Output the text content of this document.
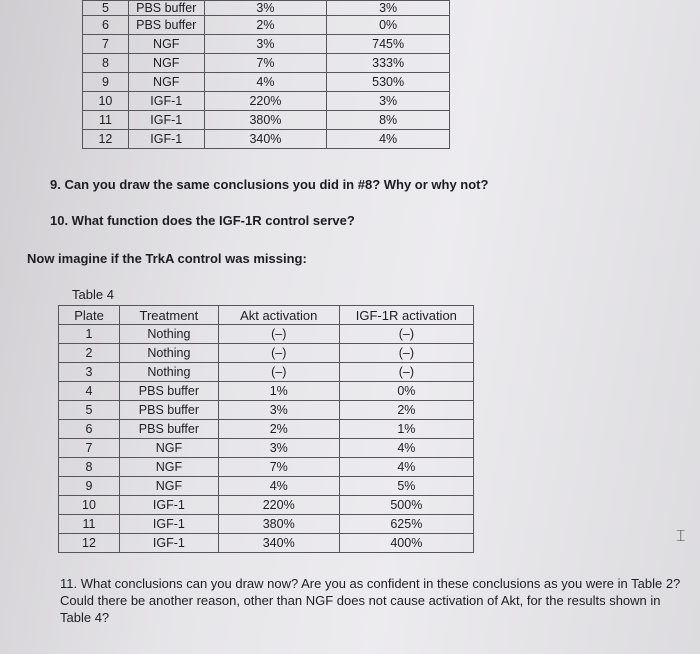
5	PBS buffer	3%	3%
6	PBS buffer	2%	0%
7	NGF	3%	745%
8	NGF	7%	333%
9	NGF	4%	530%
10	IGF-1	220%	3%
11	IGF-1	380%	8%
12	IGF-1	340%	4%
9. Can you draw the same conclusions you did in #8? Why or why not?
10. What function does the IGF-1R control serve?
Now imagine if the TrkA control was missing:
Table 4
Plate	Treatment	Akt activation	IGF-1R activation
1	Nothing	(–)	(–)
2	Nothing	(–)	(–)
3	Nothing	(–)	(–)
4	PBS buffer	1%	0%
5	PBS buffer	3%	2%
6	PBS buffer	2%	1%
7	NGF	3%	4%
8	NGF	7%	4%
9	NGF	4%	5%
10	IGF-1	220%	500%
11	IGF-1	380%	625%
12	IGF-1	340%	400%	⌶
11. What conclusions can you draw now? Are you as confident in these conclusions as you were in Table 2? Could there be another reason, other than NGF does not cause activation of Akt, for the results shown in Table 4?
